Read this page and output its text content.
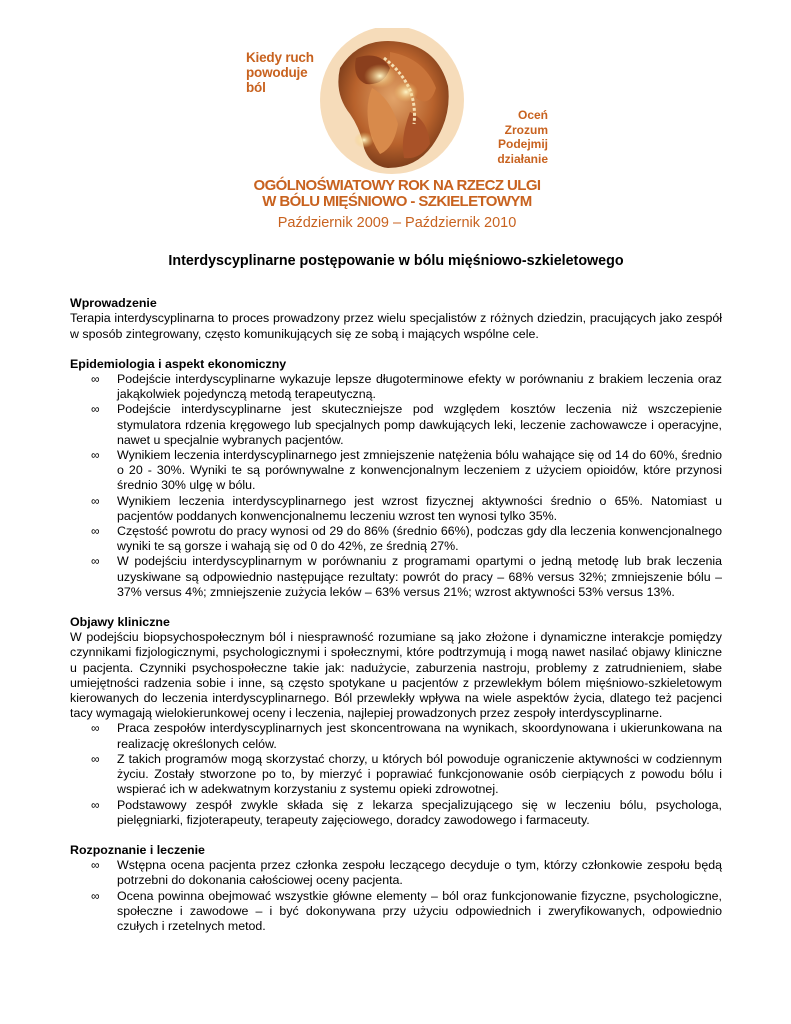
Kiedy ruch
powoduje
ból
Oceń
Zrozum
Podejmij
działanie
OGÓLNOŚWIATOWY ROK NA RZECZ ULGI
W BÓLU MIĘŚNIOWO - SZKIELETOWYM
Październik 2009 – Październik 2010
Interdyscyplinarne postępowanie w bólu mięśniowo-szkieletowego
Wprowadzenie

Terapia interdyscyplinarna to proces prowadzony przez wielu specjalistów z różnych dziedzin, pracujących jako zespół w sposób zintegrowany, często komunikujących się ze sobą i mających wspólne cele.

Epidemiologia i aspekt ekonomiczny
∞ Podejście interdyscyplinarne wykazuje lepsze długoterminowe efekty w porównaniu z brakiem leczenia oraz jakąkolwiek pojedynczą metodą terapeutyczną.
∞ Podejście interdyscyplinarne jest skuteczniejsze pod względem kosztów leczenia niż wszczepienie stymulatora rdzenia kręgowego lub specjalnych pomp dawkujących leki, leczenie zachowawcze i operacyjne, nawet u specjalnie wybranych pacjentów.
∞ Wynikiem leczenia interdyscyplinarnego jest zmniejszenie natężenia bólu wahające się od 14 do 60%, średnio o 20 - 30%. Wyniki te są porównywalne z konwencjonalnym leczeniem z użyciem opioidów, które przynosi średnio 30% ulgę w bólu.
∞ Wynikiem leczenia interdyscyplinarnego jest wzrost fizycznej aktywności średnio o 65%. Natomiast u pacjentów poddanych konwencjonalnemu leczeniu wzrost ten wynosi tylko 35%.
∞ Częstość powrotu do pracy wynosi od 29 do 86% (średnio 66%), podczas gdy dla leczenia konwencjonalnego wyniki te są gorsze i wahają się od 0 do 42%, ze średnią 27%.
∞ W podejściu interdyscyplinarnym w porównaniu z programami opartymi o jedną metodę lub brak leczenia uzyskiwane są odpowiednio następujące rezultaty: powrót do pracy – 68% versus 32%; zmniejszenie bólu – 37% versus 4%; zmniejszenie zużycia leków – 63% versus 21%; wzrost aktywności 53% versus 13%.
Objawy kliniczne

W podejściu biopsychospołecznym ból i niesprawność rozumiane są jako złożone i dynamiczne interakcje pomiędzy czynnikami fizjologicznymi, psychologicznymi i społecznymi, które podtrzymują i mogą nawet nasilać objawy kliniczne u pacjenta. Czynniki psychospołeczne takie jak: nadużycie, zaburzenia nastroju, problemy z zatrudnieniem, słabe umiejętności radzenia sobie i inne, są często spotykane u pacjentów z przewlekłym bólem mięśniowo-szkieletowym kierowanych do leczenia interdyscyplinarnego. Ból przewlekły wpływa na wiele aspektów życia, dlatego też pacjenci tacy wymagają wielokierunkowej oceny i leczenia, najlepiej prowadzonych przez zespoły interdyscyplinarne.

∞ Praca zespołów interdyscyplinarnych jest skoncentrowana na wynikach, skoordynowana i ukierunkowana na realizację określonych celów.
∞ Z takich programów mogą skorzystać chorzy, u których ból powoduje ograniczenie aktywności w codziennym życiu. Zostały stworzone po to, by mierzyć i poprawiać funkcjonowanie osób cierpiących z powodu bólu i wspierać ich w adekwatnym korzystaniu z systemu opieki zdrowotnej.
∞ Podstawowy zespół zwykle składa się z lekarza specjalizującego się w leczeniu bólu, psychologa, pielęgniarki, fizjoterapeuty, terapeuty zajęciowego, doradcy zawodowego i farmaceuty.
Rozpoznanie i leczenie
∞ Wstępna ocena pacjenta przez członka zespołu leczącego decyduje o tym, którzy członkowie zespołu będą potrzebni do dokonania całościowej oceny pacjenta.
∞ Ocena powinna obejmować wszystkie główne elementy – ból oraz funkcjonowanie fizyczne, psychologiczne, społeczne i zawodowe – i być dokonywana przy użyciu odpowiednich i zweryfikowanych, odpowiednio czułych i rzetelnych metod.
